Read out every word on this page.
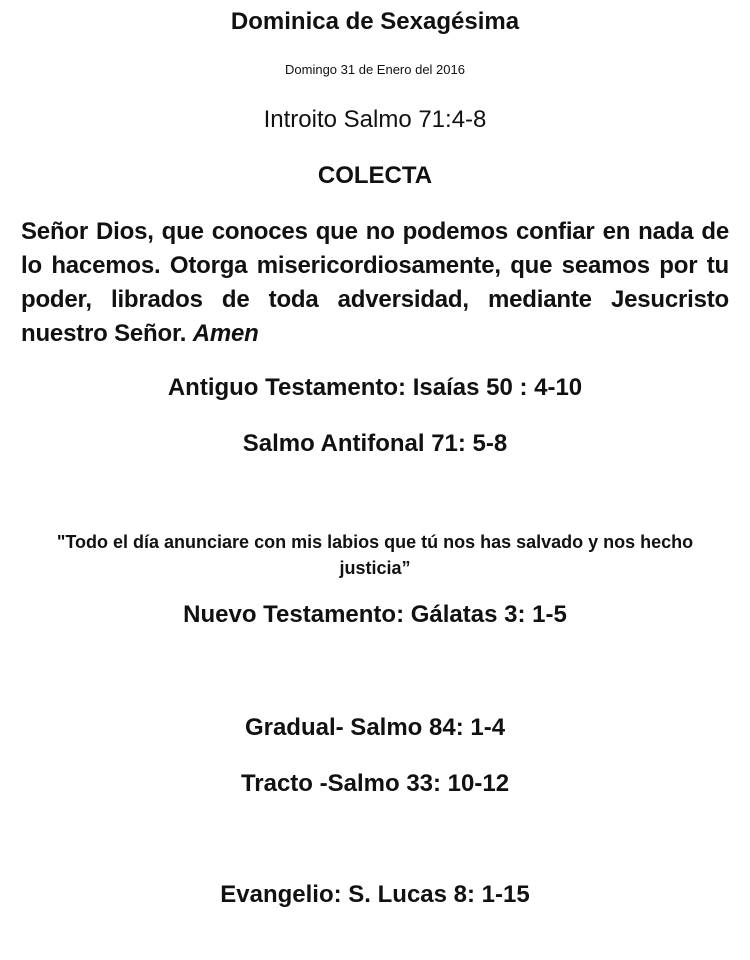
Dominica de Sexagésima
Domingo 31 de Enero del 2016
Introito Salmo 71:4-8
COLECTA
Señor Dios, que conoces que no podemos confiar en nada de lo hacemos. Otorga misericordiosamente, que seamos por tu poder, librados de toda adversidad, mediante Jesucristo nuestro Señor. Amen
Antiguo Testamento: Isaías 50 : 4-10
Salmo Antifonal 71: 5-8
"Todo el día anunciare con mis labios que tú nos has salvado y nos hecho justicia”
Nuevo Testamento: Gálatas 3: 1-5
Gradual- Salmo 84: 1-4
Tracto -Salmo 33: 10-12
Evangelio: S. Lucas 8: 1-15
